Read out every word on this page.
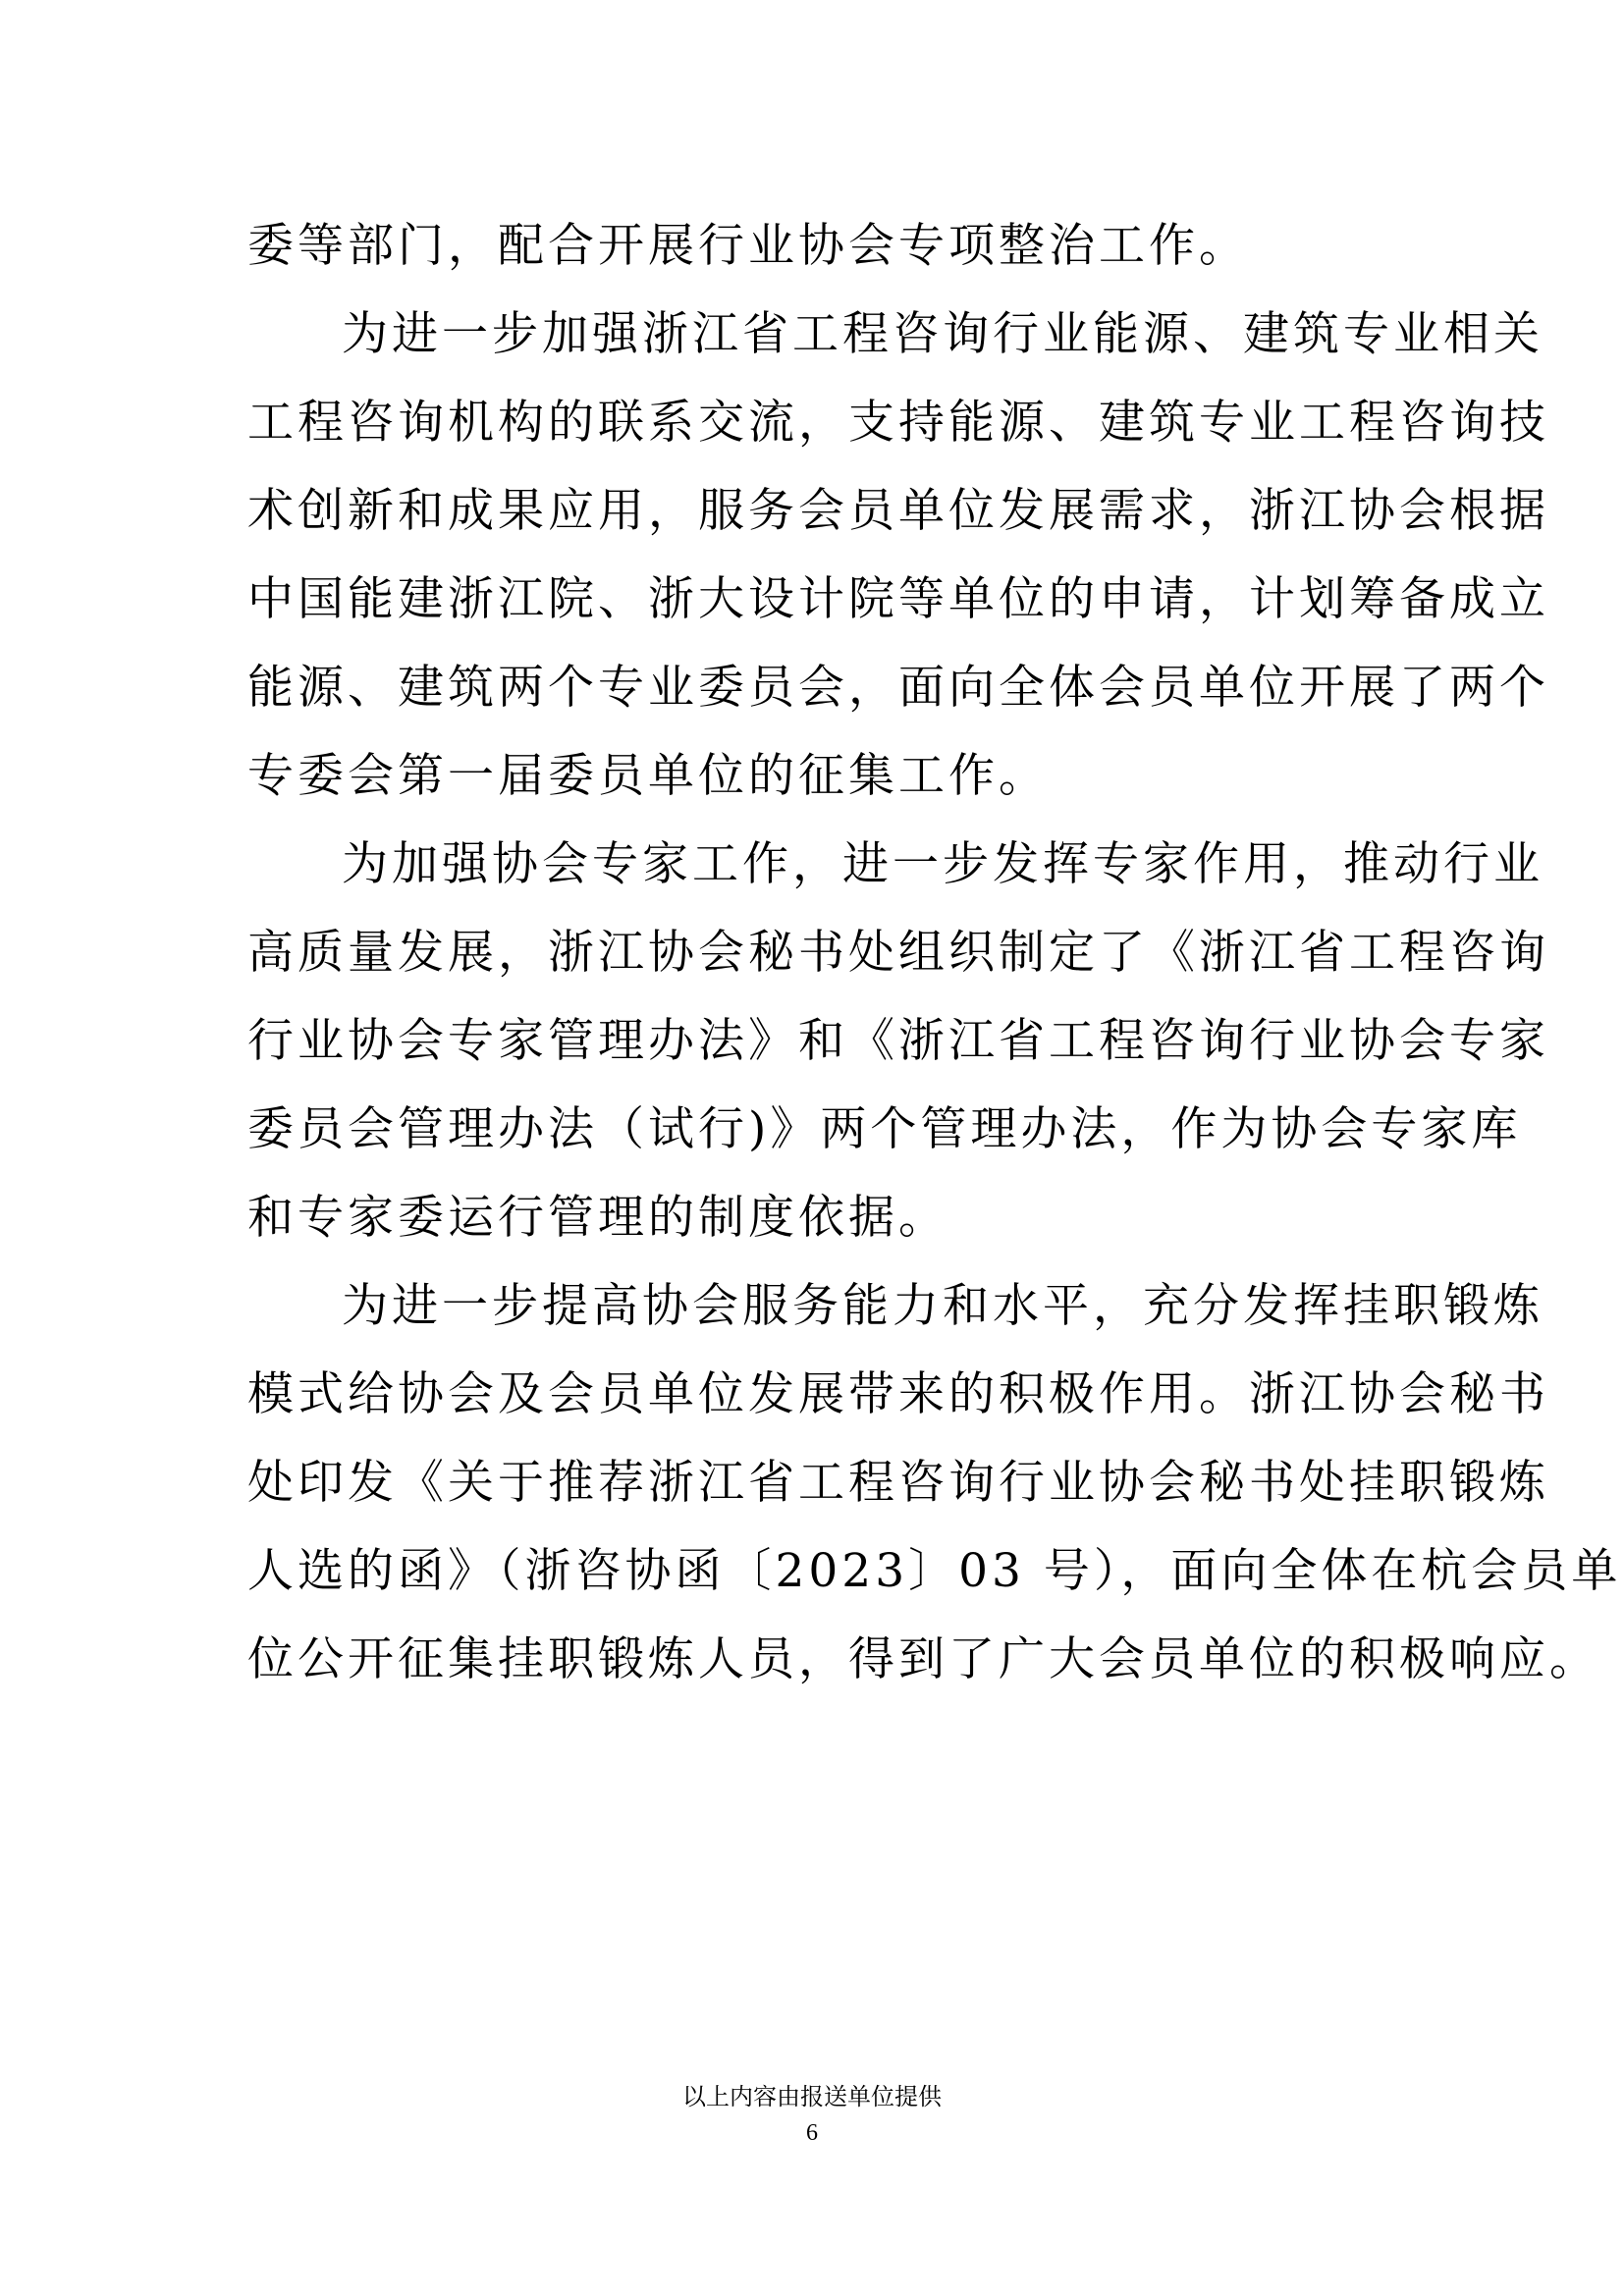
委等部门，配合开展行业协会专项整治工作。
为进一步加强浙江省工程咨询行业能源、建筑专业相关
工程咨询机构的联系交流，支持能源、建筑专业工程咨询技
术创新和成果应用，服务会员单位发展需求，浙江协会根据
中国能建浙江院、浙大设计院等单位的申请，计划筹备成立
能源、建筑两个专业委员会，面向全体会员单位开展了两个
专委会第一届委员单位的征集工作。
为加强协会专家工作，进一步发挥专家作用，推动行业
高质量发展，浙江协会秘书处组织制定了《浙江省工程咨询
行业协会专家管理办法》和《浙江省工程咨询行业协会专家
委员会管理办法（试行)》两个管理办法，作为协会专家库
和专家委运行管理的制度依据。
为进一步提高协会服务能力和水平，充分发挥挂职锻炼
模式给协会及会员单位发展带来的积极作用。浙江协会秘书
处印发《关于推荐浙江省工程咨询行业协会秘书处挂职锻炼
人选的函》（浙咨协函〔2023〕03 号），面向全体在杭会员单
位公开征集挂职锻炼人员，得到了广大会员单位的积极响应。
以上内容由报送单位提供
6
